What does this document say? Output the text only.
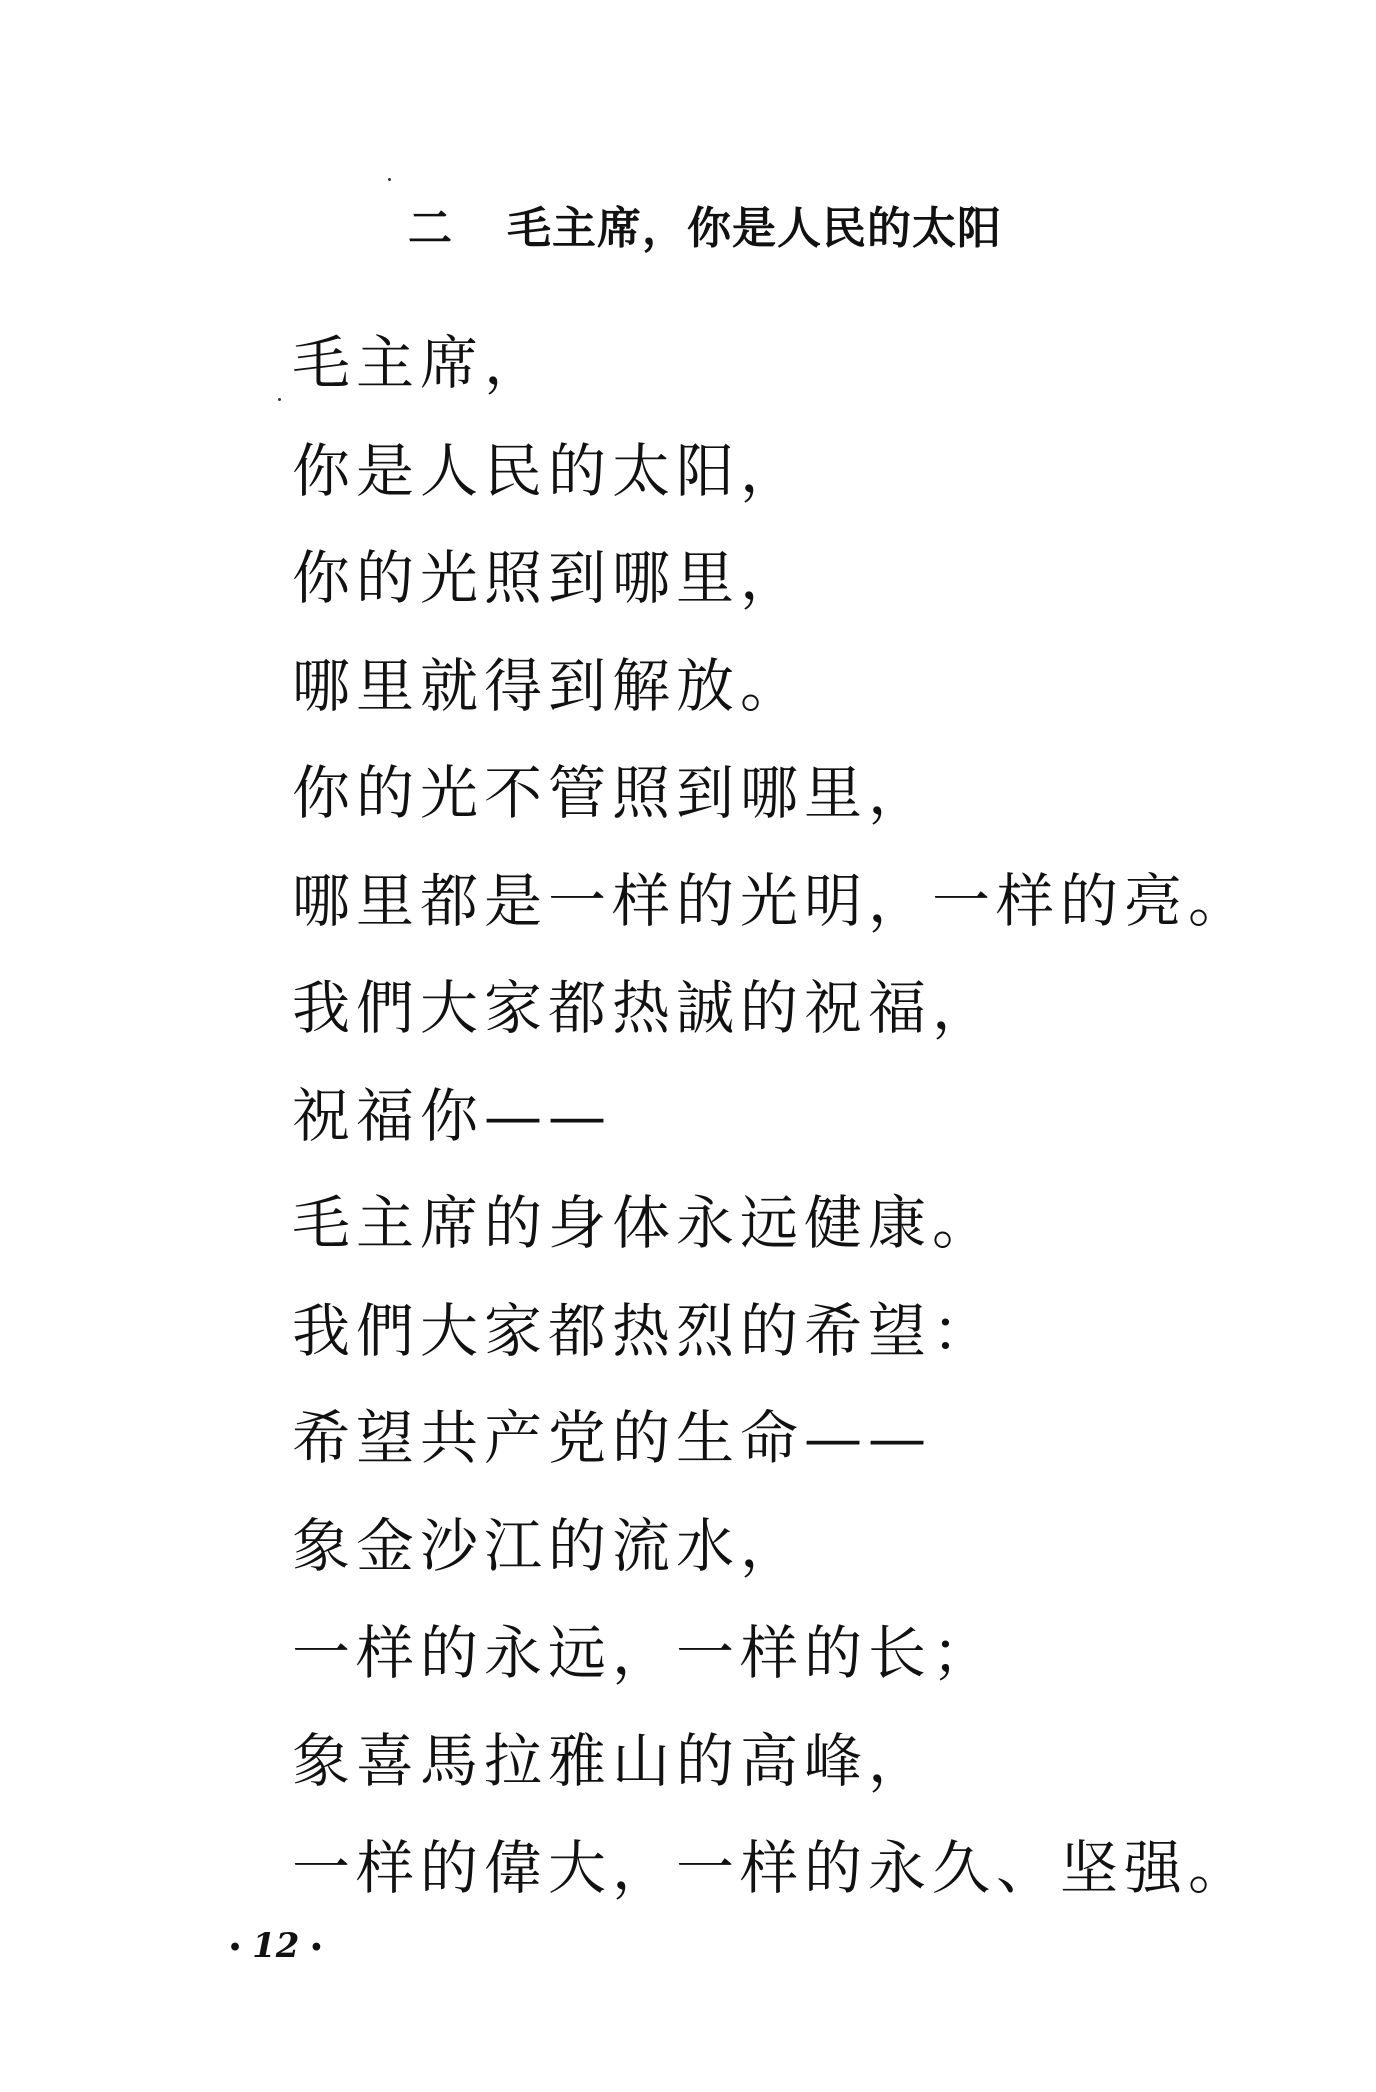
二 毛主席，你是人民的太阳
毛主席，
你是人民的太阳，
你的光照到哪里，
哪里就得到解放。
你的光不管照到哪里，
哪里都是一样的光明，一样的亮。
我們大家都热誠的祝福，
祝福你——
毛主席的身体永远健康。
我們大家都热烈的希望：
希望共产党的生命——
象金沙江的流水，
一样的永远，一样的长；
象喜馬拉雅山的高峰，
一样的偉大，一样的永久、坚强。
• 12 •
